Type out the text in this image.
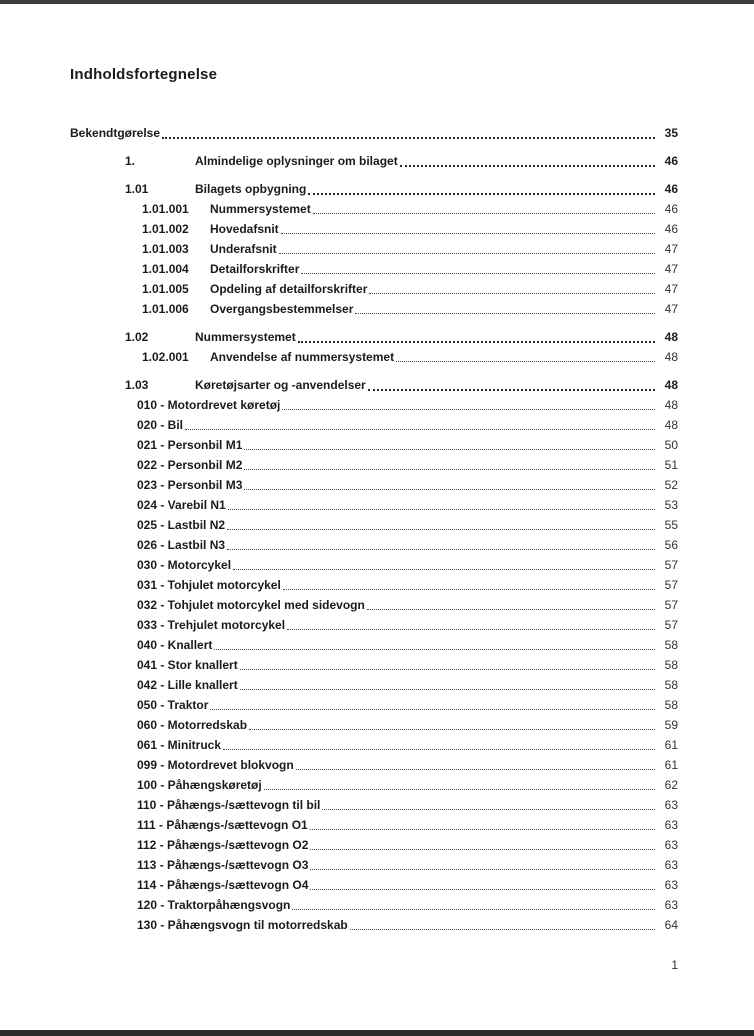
Indholdsfortegnelse
Bekendtgørelse	35
1.	Almindelige oplysninger om bilaget	46
1.01	Bilagets opbygning	46
1.01.001	Nummersystemet	46
1.01.002	Hovedafsnit	46
1.01.003	Underafsnit	47
1.01.004	Detailforskrifter	47
1.01.005	Opdeling af detailforskrifter	47
1.01.006	Overgangsbestemmelser	47
1.02	Nummersystemet	48
1.02.001	Anvendelse af nummersystemet	48
1.03	Køretøjsarter og -anvendelser	48
010 - Motordrevet køretøj	48
020 - Bil	48
021 - Personbil M1	50
022 - Personbil M2	51
023 - Personbil M3	52
024 - Varebil N1	53
025 - Lastbil N2	55
026 - Lastbil N3	56
030 - Motorcykel	57
031 - Tohjulet motorcykel	57
032 - Tohjulet motorcykel med sidevogn	57
033 - Trehjulet motorcykel	57
040 - Knallert	58
041 - Stor knallert	58
042 - Lille knallert	58
050 - Traktor	58
060 - Motorredskab	59
061 - Minitruck	61
099 - Motordrevet blokvogn	61
100 - Påhængskøretøj	62
110 - Påhængs-/sættevogn til bil	63
111 - Påhængs-/sættevogn O1	63
112 - Påhængs-/sættevogn O2	63
113 - Påhængs-/sættevogn O3	63
114 - Påhængs-/sættevogn O4	63
120 - Traktorpåhængsvogn	63
130 - Påhængsvogn til motorredskab	64
1
